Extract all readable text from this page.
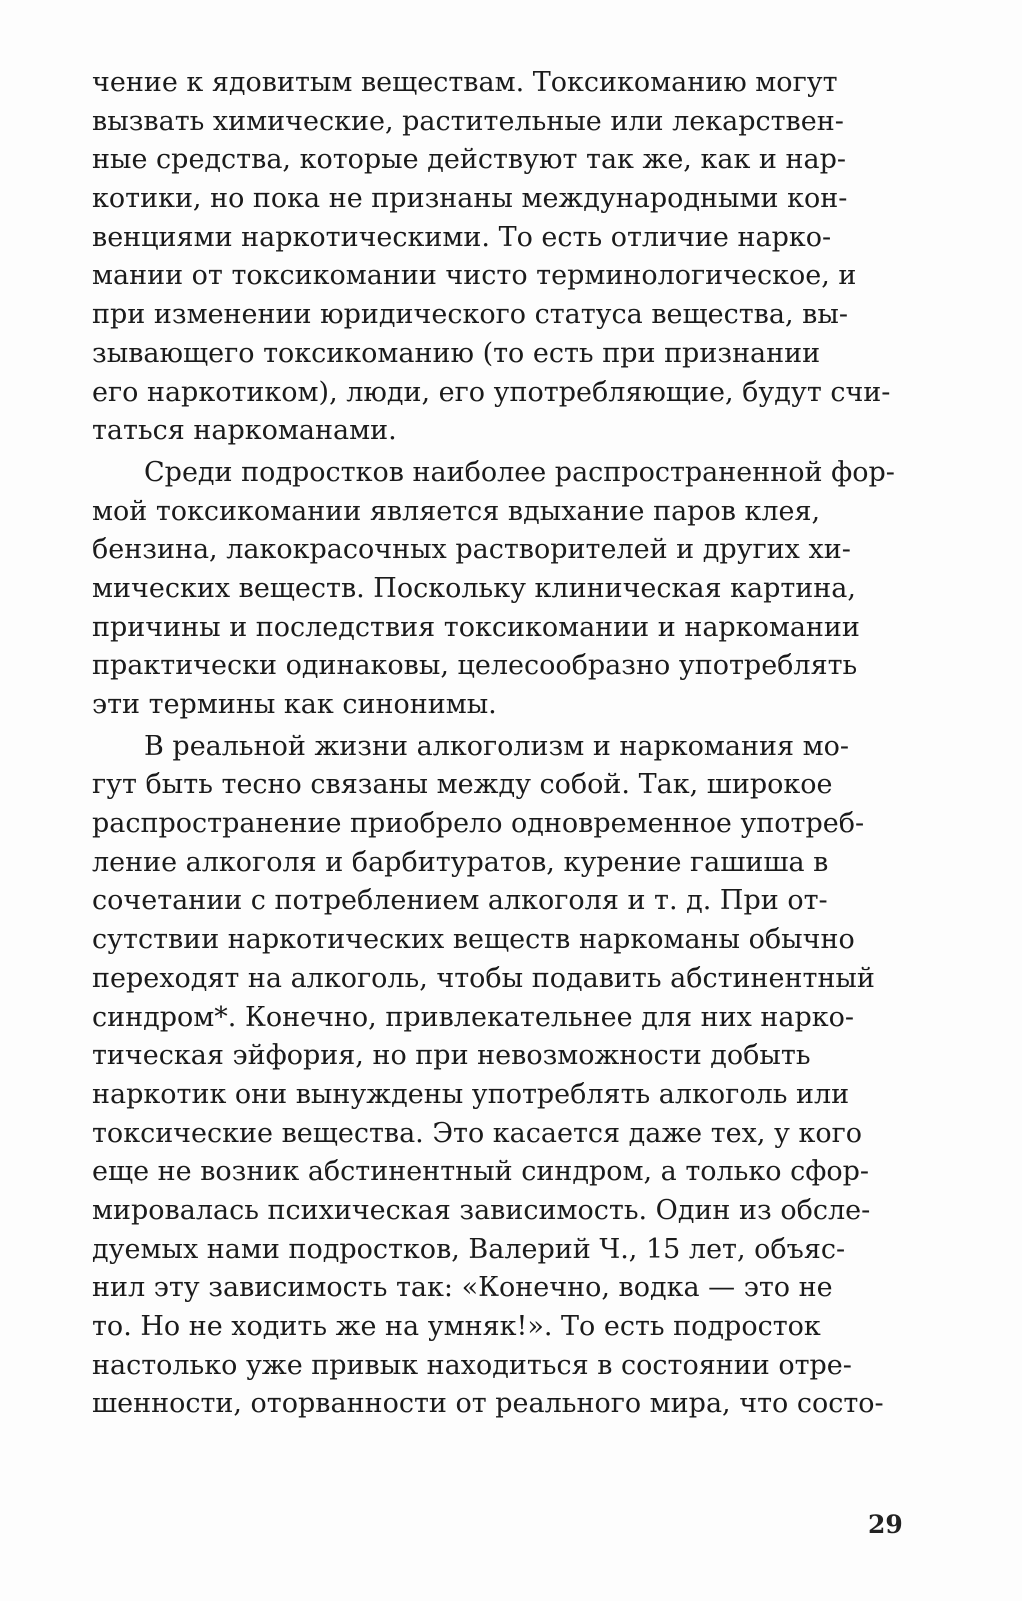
чение к ядовитым веществам. Токсикоманию могут
вызвать химические, растительные или лекарствен-
ные средства, которые действуют так же, как и нар-
котики, но пока не признаны международными кон-
венциями наркотическими. То есть отличие нарко-
мании от токсикомании чисто терминологическое, и
при изменении юридического статуса вещества, вы-
зывающего токсикоманию (то есть при признании
его наркотиком), люди, его употребляющие, будут счи-
таться наркоманами.
Среди подростков наиболее распространенной фор-
мой токсикомании является вдыхание паров клея,
бензина, лакокрасочных растворителей и других хи-
мических веществ. Поскольку клиническая картина,
причины и последствия токсикомании и наркомании
практически одинаковы, целесообразно употреблять
эти термины как синонимы.
В реальной жизни алкоголизм и наркомания мо-
гут быть тесно связаны между собой. Так, широкое
распространение приобрело одновременное употреб-
ление алкоголя и барбитуратов, курение гашиша в
сочетании с потреблением алкоголя и т. д. При от-
сутствии наркотических веществ наркоманы обычно
переходят на алкоголь, чтобы подавить абстинентный
синдром*. Конечно, привлекательнее для них нарко-
тическая эйфория, но при невозможности добыть
наркотик они вынуждены употреблять алкоголь или
токсические вещества. Это касается даже тех, у кого
еще не возник абстинентный синдром, а только сфор-
мировалась психическая зависимость. Один из обсле-
дуемых нами подростков, Валерий Ч., 15 лет, объяс-
нил эту зависимость так: «Конечно, водка — это не
то. Но не ходить же на умняк!». То есть подросток
настолько уже привык находиться в состоянии отре-
шенности, оторванности от реального мира, что состо-
29
